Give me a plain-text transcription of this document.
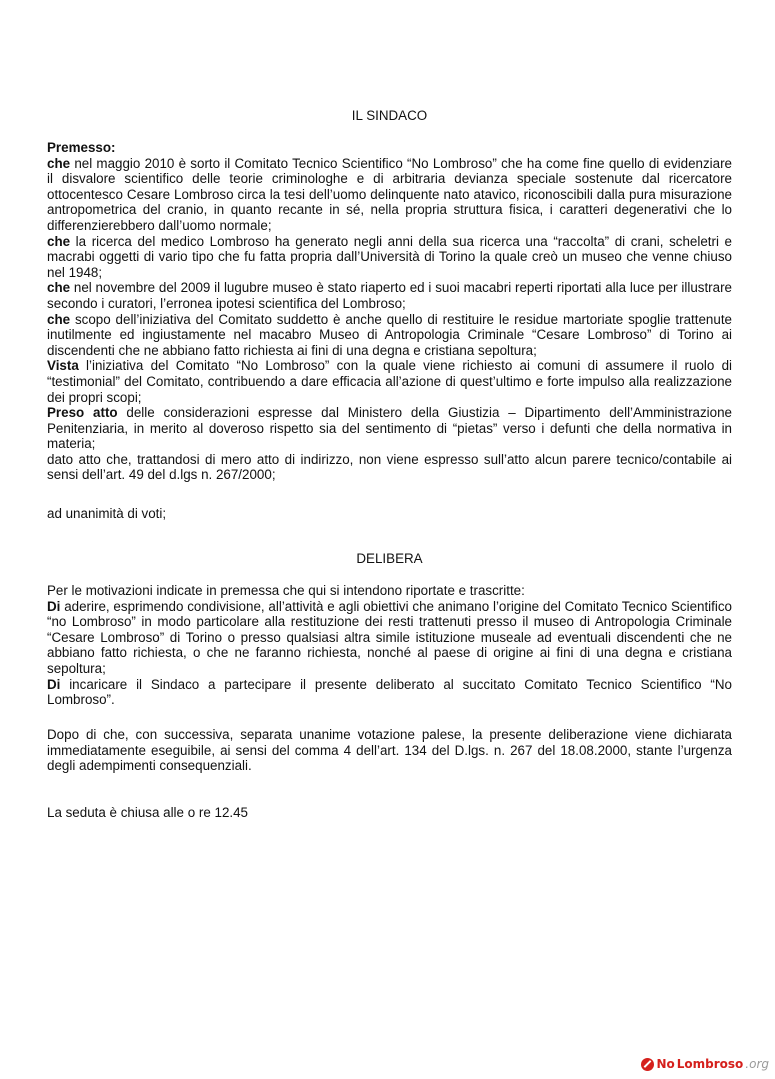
IL SINDACO

Premesso:

che nel maggio 2010 è sorto il Comitato Tecnico Scientifico “No Lombroso” che ha come fine quello di evidenziare il disvalore scientifico delle teorie criminologhe e di arbitraria devianza speciale sostenute dal ricercatore ottocentesco Cesare Lombroso circa la tesi dell’uomo delinquente nato atavico, riconoscibili dalla pura misurazione antropometrica del cranio, in quanto recante in sé, nella propria struttura fisica, i caratteri degenerativi che lo differenzierebbero dall’uomo normale;

che la ricerca del medico Lombroso ha generato negli anni della sua ricerca una “raccolta” di crani, scheletri e macrabi oggetti di vario tipo che fu fatta propria dall’Università di Torino la quale creò un museo che venne chiuso nel 1948;

che nel novembre del 2009 il lugubre museo è stato riaperto ed i suoi macabri reperti riportati alla luce per illustrare secondo i curatori, l’erronea ipotesi scientifica del Lombroso;

che scopo dell’iniziativa del Comitato suddetto è anche quello di restituire le residue martoriate spoglie trattenute inutilmente ed ingiustamente nel macabro Museo di Antropologia Criminale “Cesare Lombroso” di Torino ai discendenti che ne abbiano fatto richiesta ai fini di una degna e cristiana sepoltura;

Vista l’iniziativa del Comitato “No Lombroso” con la quale viene richiesto ai comuni di assumere il ruolo di “testimonial” del Comitato, contribuendo a dare efficacia all’azione di quest’ultimo e forte impulso alla realizzazione dei propri scopi;

Preso atto delle considerazioni espresse dal Ministero della Giustizia – Dipartimento dell’Amministrazione Penitenziaria, in merito al doveroso rispetto sia del sentimento di “pietas” verso i defunti che della normativa in materia;

dato atto che, trattandosi di mero atto di indirizzo, non viene espresso sull’atto alcun parere tecnico/contabile ai sensi dell’art. 49 del d.lgs n. 267/2000;

ad unanimità di voti;

DELIBERA

Per le motivazioni indicate in premessa che qui si intendono riportate e trascritte:

Di aderire, esprimendo condivisione, all’attività e agli obiettivi che animano l’origine del Comitato Tecnico Scientifico “no Lombroso” in modo particolare alla restituzione dei resti trattenuti presso il museo di Antropologia Criminale “Cesare Lombroso” di Torino o presso qualsiasi altra simile istituzione museale ad eventuali discendenti che ne abbiano fatto richiesta, o che ne faranno richiesta, nonché al paese di origine ai fini di una degna e cristiana sepoltura;

Di incaricare il Sindaco a partecipare il presente deliberato al succitato Comitato Tecnico Scientifico “No Lombroso”.

Dopo di che, con successiva, separata unanime votazione palese, la presente deliberazione viene dichiarata immediatamente eseguibile, ai sensi del comma 4 dell’art. 134 del D.lgs. n. 267 del 18.08.2000, stante l’urgenza degli adempimenti consequenziali.

La seduta è chiusa alle o re 12.45

No Lombroso .org
